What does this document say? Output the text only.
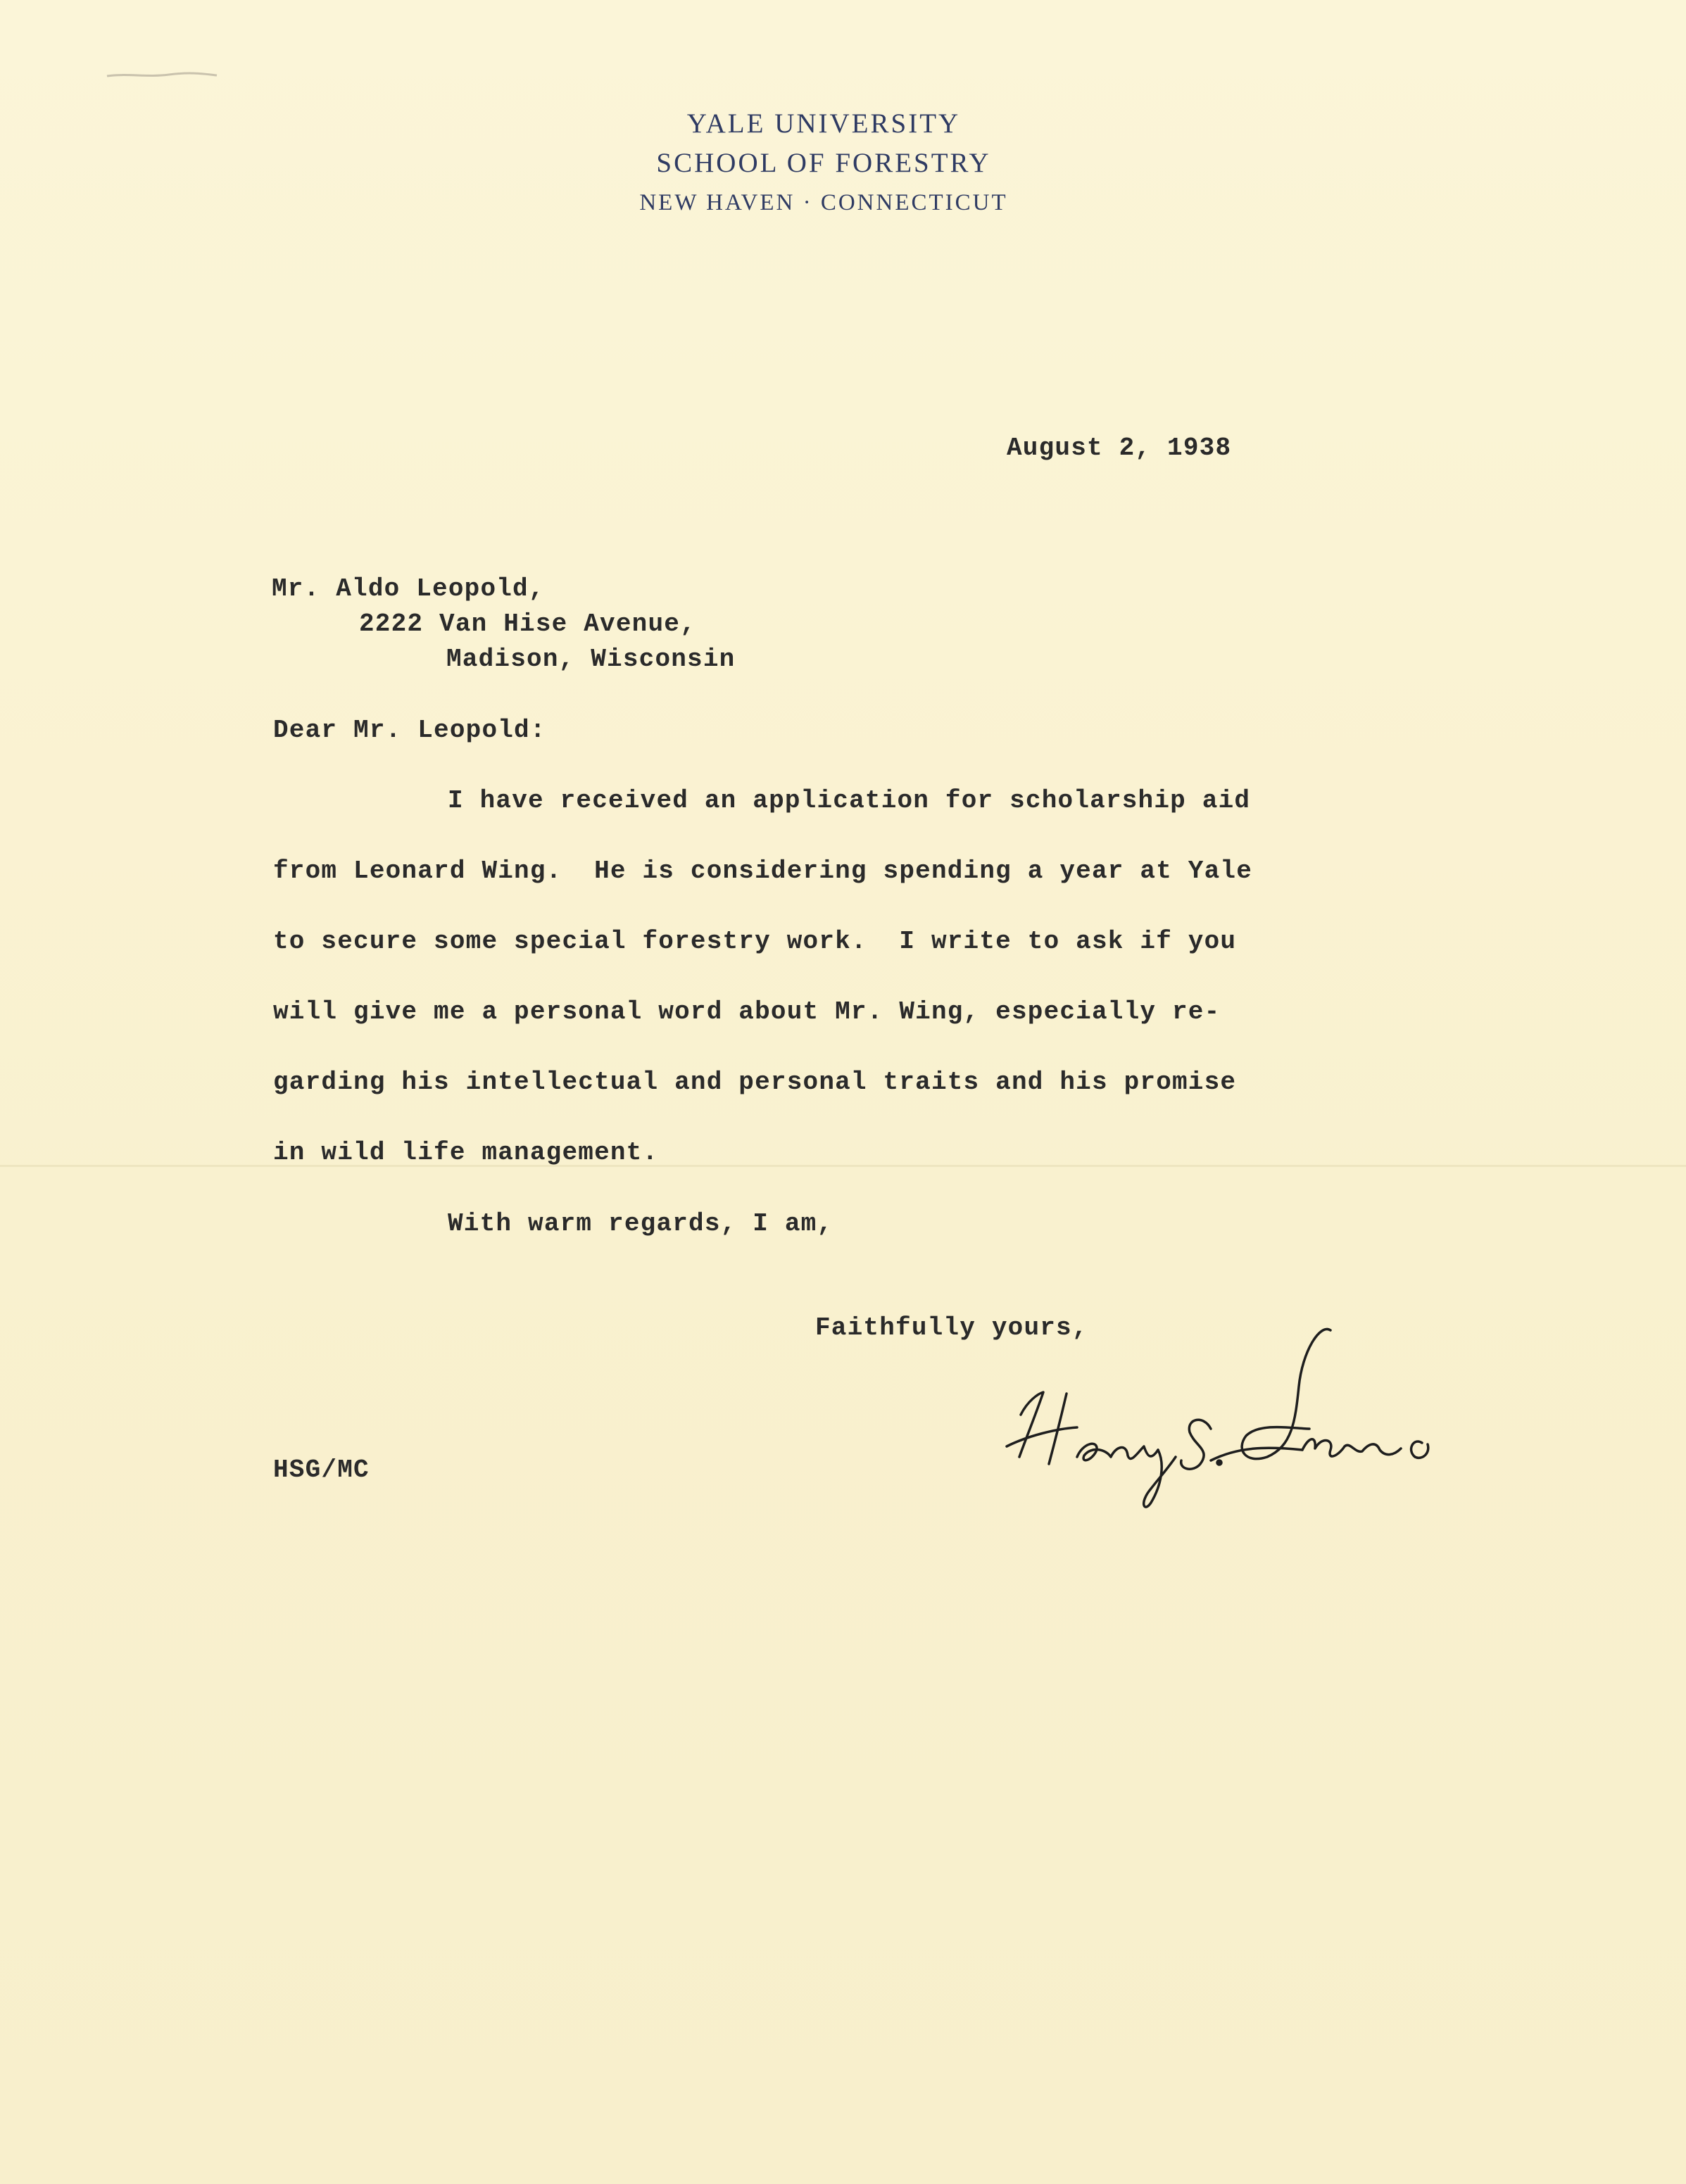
YALE UNIVERSITY
SCHOOL OF FORESTRY
NEW HAVEN · CONNECTICUT
August 2, 1938
Mr. Aldo Leopold,
2222 Van Hise Avenue,
Madison, Wisconsin
Dear Mr. Leopold:
I have received an application for scholarship aid
from Leonard Wing.  He is considering spending a year at Yale
to secure some special forestry work.  I write to ask if you
will give me a personal word about Mr. Wing, especially re-
garding his intellectual and personal traits and his promise
in wild life management.
With warm regards, I am,
Faithfully yours,
HSG/MC
